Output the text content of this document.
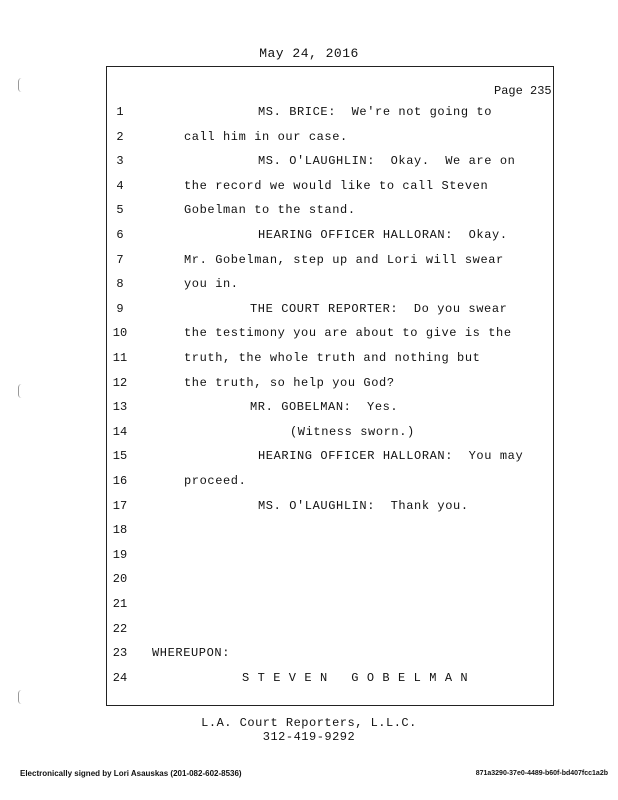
May 24, 2016
Page 235
1	MS. BRICE:  We're not going to
2	call him in our case.
3	MS. O'LAUGHLIN:  Okay.  We are on
4	the record we would like to call Steven
5	Gobelman to the stand.
6	HEARING OFFICER HALLORAN:  Okay.
7	Mr. Gobelman, step up and Lori will swear
8	you in.
9	THE COURT REPORTER:  Do you swear
10	the testimony you are about to give is the
11	truth, the whole truth and nothing but
12	the truth, so help you God?
13	MR. GOBELMAN:  Yes.
14	(Witness sworn.)
15	HEARING OFFICER HALLORAN:  You may
16	proceed.
17	MS. O'LAUGHLIN:  Thank you.
18
19
20
21
22
23	WHEREUPON:
24	S T E V E N   G O B E L M A N
L.A. Court Reporters, L.L.C.
312-419-9292
Electronically signed by Lori Asauskas (201-082-602-8536)	871a3290-37e0-4489-b60f-bd407fcc1a2b
